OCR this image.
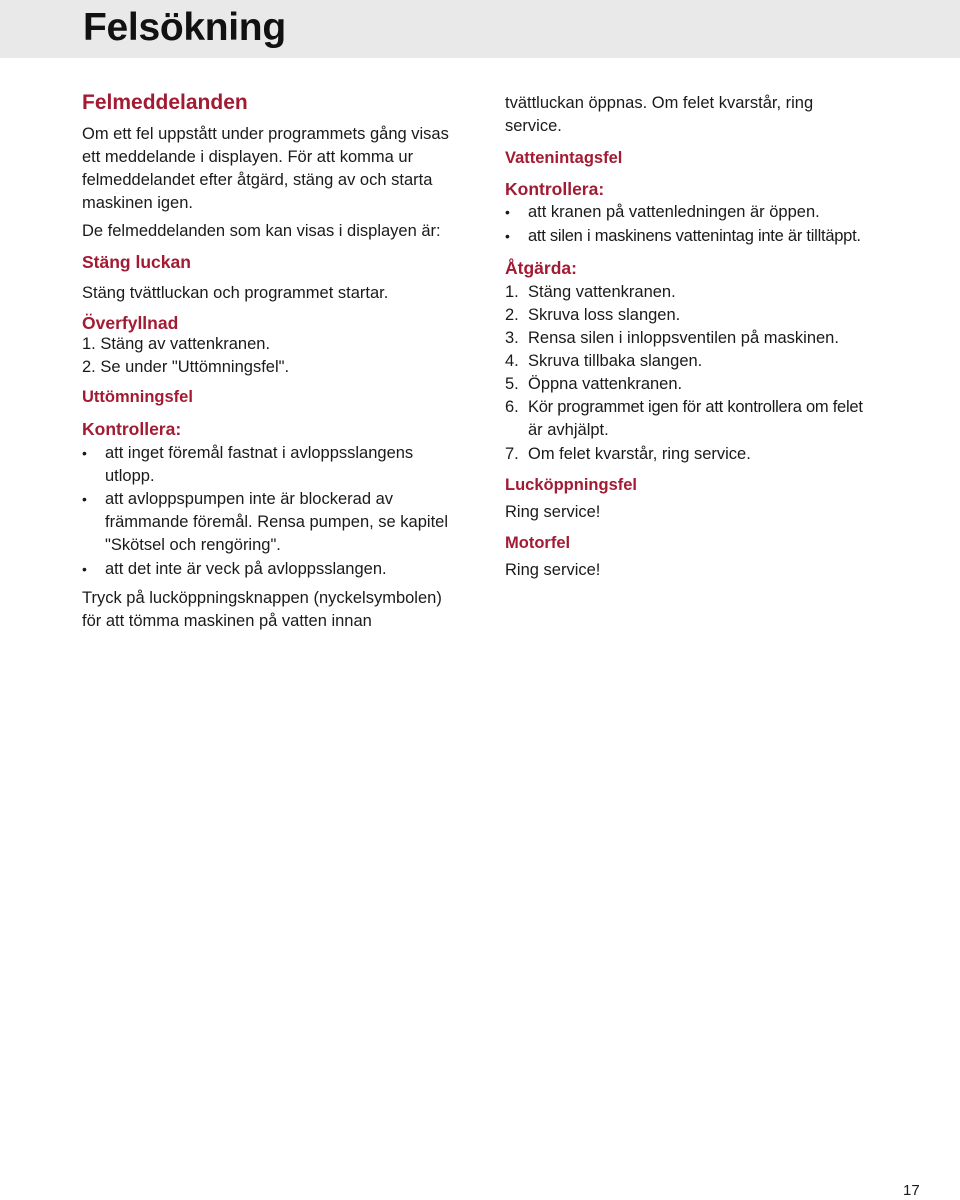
Felsökning
Felmeddelanden
Om ett fel uppstått under programmets gång visas
ett meddelande i displayen. För att komma ur
felmeddelandet efter åtgärd, stäng av och starta
maskinen igen.
De felmeddelanden som kan visas i displayen är:
Stäng luckan
Stäng tvättluckan och programmet startar.
Överfyllnad
1. Stäng av vattenkranen.
2. Se under "Uttömningsfel".
Uttömningsfel
Kontrollera:
• att inget föremål fastnat i avloppsslangens
utlopp.
• att avloppspumpen inte är blockerad av
främmande föremål. Rensa pumpen, se kapitel
"Skötsel och rengöring".
• att det inte är veck på avloppsslangen.
Tryck på lucköppningsknappen (nyckelsymbolen)
för att tömma maskinen på vatten innan
tvättluckan öppnas. Om felet kvarstår, ring
service.
Vattenintagsfel
Kontrollera:
• att kranen på vattenledningen är öppen.
• att silen i maskinens vattenintag inte är tilltäppt.
Åtgärda:
1. Stäng vattenkranen.
2. Skruva loss slangen.
3. Rensa silen i inloppsventilen på maskinen.
4. Skruva tillbaka slangen.
5. Öppna vattenkranen.
6. Kör programmet igen för att kontrollera om felet
är avhjälpt.
7. Om felet kvarstår, ring service.
Lucköppningsfel
Ring service!
Motorfel
Ring service!
17
